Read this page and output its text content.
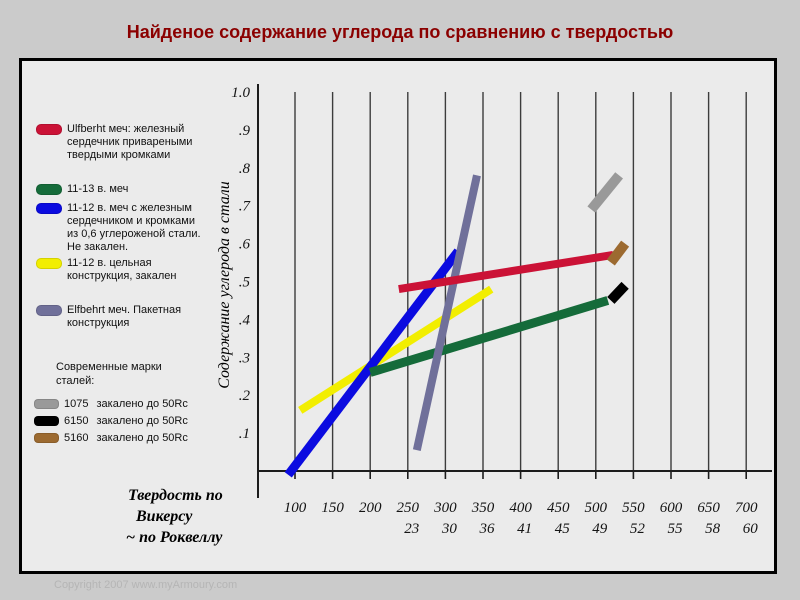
Найденое содержание углерода по сравнению с твердостью
100 150 200 250
23
300
30
350
36
400
41
450
45
500
49
550
52
600
55
650
58
700
60
1.0
.9
.8
.7
.6
.5
.4
.3
.2
.1
Содержание углерода в стали
Твердость по
Викерсу
~ по Роквеллу
Ulfberht меч: железный
сердечник привареными
твердыми кромками
11-13 в. меч
11-12 в. меч с железным
сердечником и кромками
из 0,6 углероженой стали.
Не закален.
11-12 в. цельная
конструкция, закален
Elfbehrt меч. Пакетная
конструкция
Современные марки
сталей:
1075 закалено до 50Rc
6150 закалено до 50Rc
5160 закалено до 50Rc
Copyright 2007 www.myArmoury.com
